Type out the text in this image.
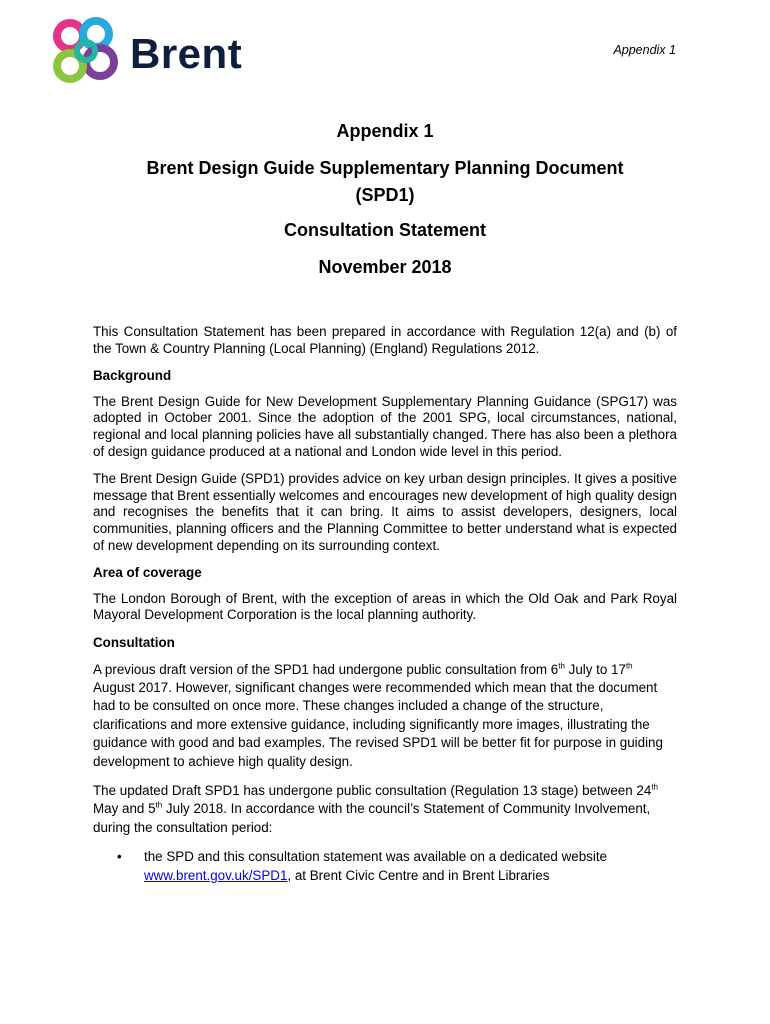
Brent	Appendix 1
Appendix 1
Brent Design Guide Supplementary Planning Document
(SPD1)
Consultation Statement
November 2018

This Consultation Statement has been prepared in accordance with Regulation 12(a) and (b) of the Town & Country Planning (Local Planning) (England) Regulations 2012.

Background

The Brent Design Guide for New Development Supplementary Planning Guidance (SPG17) was adopted in October 2001. Since the adoption of the 2001 SPG, local circumstances, national, regional and local planning policies have all substantially changed. There has also been a plethora of design guidance produced at a national and London wide level in this period.

The Brent Design Guide (SPD1) provides advice on key urban design principles. It gives a positive message that Brent essentially welcomes and encourages new development of high quality design and recognises the benefits that it can bring. It aims to assist developers, designers, local communities, planning officers and the Planning Committee to better understand what is expected of new development depending on its surrounding context.

Area of coverage

The London Borough of Brent, with the exception of areas in which the Old Oak and Park Royal Mayoral Development Corporation is the local planning authority.

Consultation

A previous draft version of the SPD1 had undergone public consultation from 6th July to 17th August 2017. However, significant changes were recommended which mean that the document had to be consulted on once more. These changes included a change of the structure, clarifications and more extensive guidance, including significantly more images, illustrating the guidance with good and bad examples. The revised SPD1 will be better fit for purpose in guiding development to achieve high quality design.

The updated Draft SPD1 has undergone public consultation (Regulation 13 stage) between 24th May and 5th July 2018. In accordance with the council’s Statement of Community Involvement, during the consultation period:

• the SPD and this consultation statement was available on a dedicated website
www.brent.gov.uk/SPD1, at Brent Civic Centre and in Brent Libraries
